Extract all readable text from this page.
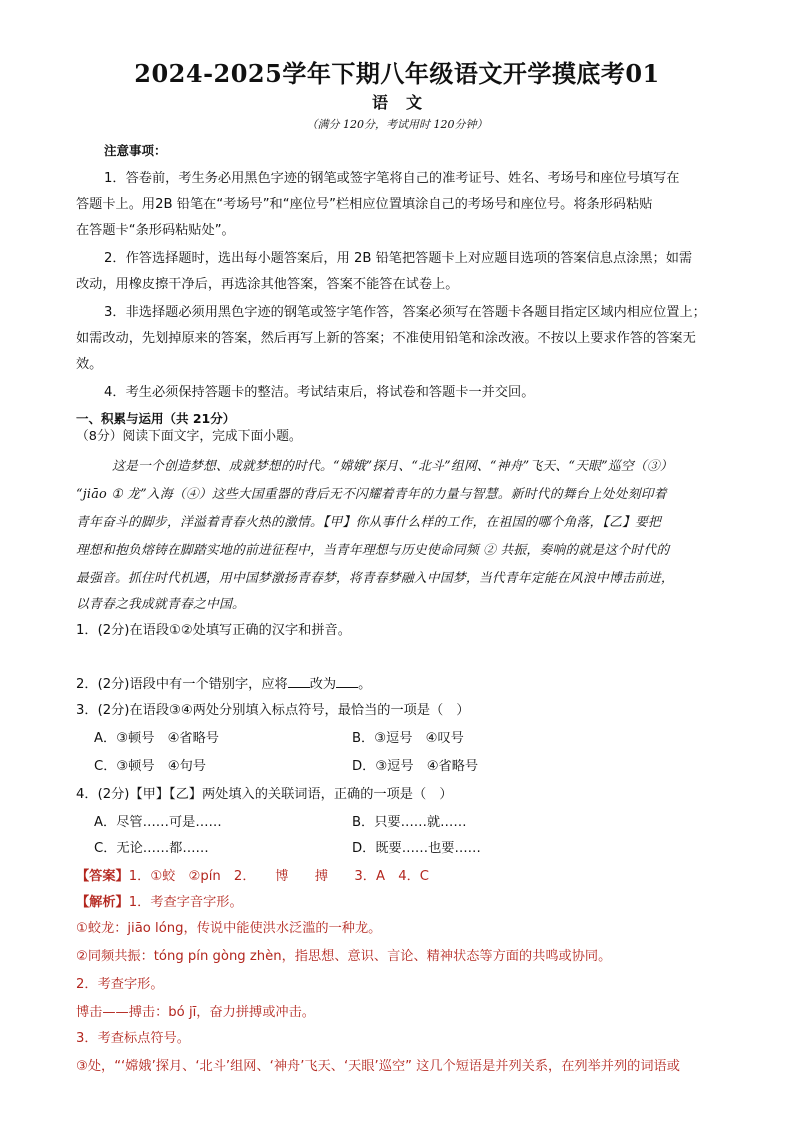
2024-2025学年下期八年级语文开学摸底考01
语文
（满分 120分，考试用时 120分钟）
注意事项：
1．答卷前，考生务必用黑色字迹的钢笔或签字笔将自己的准考证号、姓名、考场号和座位号填写在
答题卡上。用2B 铅笔在“考场号”和“座位号”栏相应位置填涂自己的考场号和座位号。将条形码粘贴
在答题卡“条形码粘贴处”。
2．作答选择题时，选出每小题答案后，用 2B 铅笔把答题卡上对应题目选项的答案信息点涂黑；如需
改动，用橡皮擦干净后，再选涂其他答案，答案不能答在试卷上。
3．非选择题必须用黑色字迹的钢笔或签字笔作答，答案必须写在答题卡各题目指定区域内相应位置上；
如需改动，先划掉原来的答案，然后再写上新的答案；不准使用铅笔和涂改液。不按以上要求作答的答案无
效。
4．考生必须保持答题卡的整洁。考试结束后，将试卷和答题卡一并交回。
一、积累与运用（共 21分）
（8分）阅读下面文字，完成下面小题。
这是一个创造梦想、成就梦想的时代。“嫦娥”探月、“北斗”组网、“神舟”飞天、“天眼”巡空（③）
“jiāo ① 龙”入海（④）这些大国重器的背后无不闪耀着青年的力量与智慧。新时代的舞台上处处刻印着
青年奋斗的脚步，洋溢着青春火热的激情。【甲】你从事什么样的工作，在祖国的哪个角落，【乙】要把
理想和抱负熔铸在脚踏实地的前进征程中，当青年理想与历史使命同频 ② 共振，奏响的就是这个时代的
最强音。抓住时代机遇，用中国梦激扬青春梦，将青春梦融入中国梦，当代青年定能在风浪中博击前进，
以青春之我成就青春之中国。
1．(2分)在语段①②处填写正确的汉字和拼音。
2．(2分)语段中有一个错别字，应将 改为 。
3．(2分)在语段③④两处分别填入标点符号，最恰当的一项是（　）
A．③顿号　④省略号	B．③逗号　④叹号
C．③顿号　④句号	D．③逗号　④省略号
4．(2分)【甲】【乙】两处填入的关联词语，正确的一项是（　）
A．尽管……可是……	B．只要……就……
C．无论……都……	D．既要……也要……
【答案】1．①蛟　②pín　2．　　博　　搏　　3．A　4．C
【解析】1．考查字音字形。
①蛟龙：jiāo lóng，传说中能使洪水泛滥的一种龙。
②同频共振：tóng pín gòng zhèn，指思想、意识、言论、精神状态等方面的共鸣或协同。
2．考查字形。
博击——搏击：bó jī，奋力拼搏或冲击。
3．考查标点符号。
③处，“‘嫦娥’探月、‘北斗’组网、‘神舟’飞天、‘天眼’巡空” 这几个短语是并列关系，在列举并列的词语或
